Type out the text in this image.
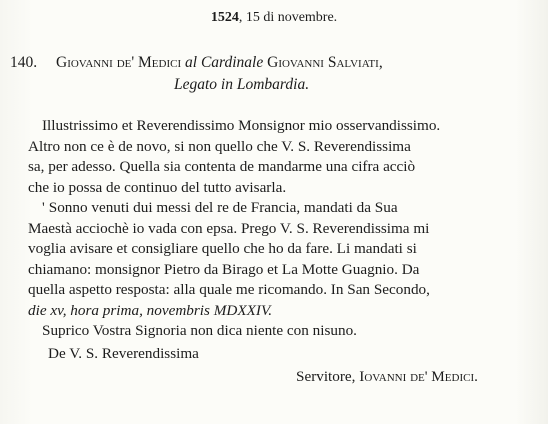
1524, 15 di novembre.
140. Giovanni de' Medici al Cardinale Giovanni Salviati,
Legato in Lombardia.
Illustrissimo et Reverendissimo Monsignor mio osservandissimo.
Altro non ce è de novo, si non quello che V. S. Reverendissima
sa, per adesso. Quella sia contenta de mandarme una cifra acciò
che io possa de continuo del tutto avisarla.
' Sonno venuti dui messi del re de Francia, mandati da Sua
Maestà acciochè io vada con epsa. Prego V. S. Reverendissima mi
voglia avisare et consigliare quello che ho da fare. Li mandati si
chiamano: monsignor Pietro da Birago et La Motte Guagnio. Da
quella aspetto resposta: alla quale me ricomando. In San Secondo,
die xv, hora prima, novembris MDXXIV.
Suprico Vostra Signoria non dica niente con nisuno.
De V. S. Reverendissima
Servitore, Iovanni de' Medici.
